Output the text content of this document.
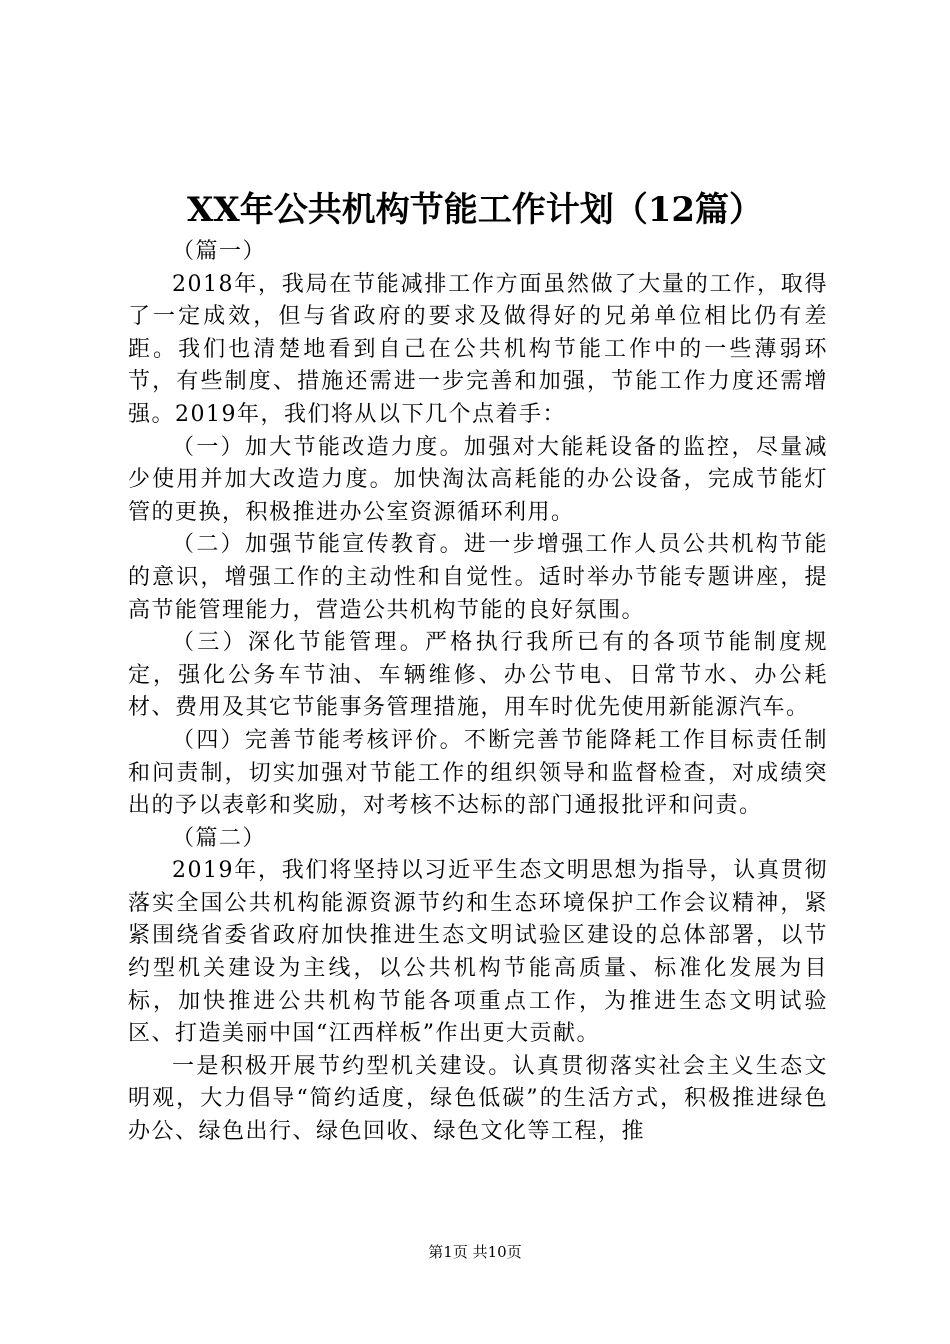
XX年公共机构节能工作计划（12篇）

（篇一）

2018年，我局在节能减排工作方面虽然做了大量的工作，取得了一定成效，但与省政府的要求及做得好的兄弟单位相比仍有差距。我们也清楚地看到自己在公共机构节能工作中的一些薄弱环节，有些制度、措施还需进一步完善和加强，节能工作力度还需增强。2019年，我们将从以下几个点着手：

（一）加大节能改造力度。加强对大能耗设备的监控，尽量减少使用并加大改造力度。加快淘汰高耗能的办公设备，完成节能灯管的更换，积极推进办公室资源循环利用。

（二）加强节能宣传教育。进一步增强工作人员公共机构节能的意识，增强工作的主动性和自觉性。适时举办节能专题讲座，提高节能管理能力，营造公共机构节能的良好氛围。

（三）深化节能管理。严格执行我所已有的各项节能制度规定，强化公务车节油、车辆维修、办公节电、日常节水、办公耗材、费用及其它节能事务管理措施，用车时优先使用新能源汽车。

（四）完善节能考核评价。不断完善节能降耗工作目标责任制和问责制，切实加强对节能工作的组织领导和监督检查，对成绩突出的予以表彰和奖励，对考核不达标的部门通报批评和问责。

（篇二）

2019年，我们将坚持以习近平生态文明思想为指导，认真贯彻落实全国公共机构能源资源节约和生态环境保护工作会议精神，紧紧围绕省委省政府加快推进生态文明试验区建设的总体部署，以节约型机关建设为主线，以公共机构节能高质量、标准化发展为目标，加快推进公共机构节能各项重点工作，为推进生态文明试验区、打造美丽中国“江西样板”作出更大贡献。

一是积极开展节约型机关建设。认真贯彻落实社会主义生态文明观，大力倡导“简约适度，绿色低碳”的生活方式，积极推进绿色办公、绿色出行、绿色回收、绿色文化等工程，推

第1页 共10页
